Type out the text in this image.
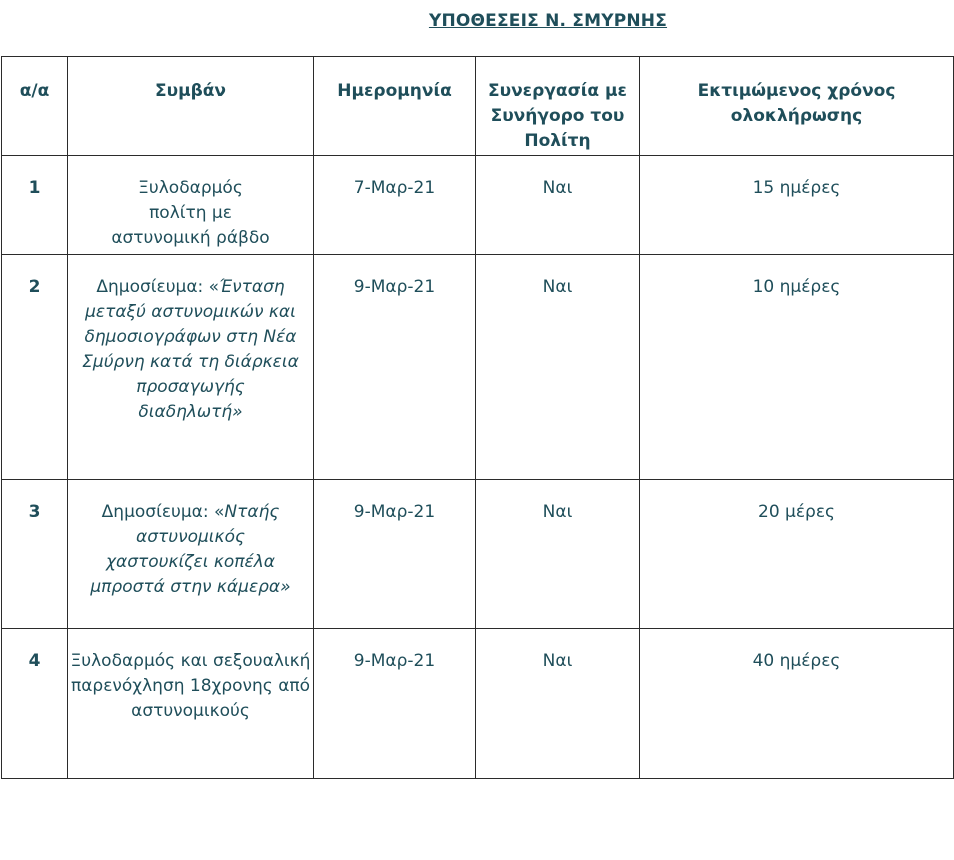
ΥΠΟΘΕΣΕΙΣ Ν. ΣΜΥΡΝΗΣ
α/α	Συμβάν	Ημερομηνία	Συνεργασία με Συνήγορο του Πολίτη	Εκτιμώμενος χρόνος ολοκλήρωσης
1	Ξυλοδαρμός πολίτη με αστυνομική ράβδο	7-Μαρ-21	Ναι	15 ημέρες
2	Δημοσίευμα: «Ένταση μεταξύ αστυνομικών και δημοσιογράφων στη Νέα Σμύρνη κατά τη διάρκεια προσαγωγής διαδηλωτή»	9-Μαρ-21	Ναι	10 ημέρες
3	Δημοσίευμα: «Νταής αστυνομικός χαστουκίζει κοπέλα μπροστά στην κάμερα»	9-Μαρ-21	Ναι	20 μέρες
4	Ξυλοδαρμός και σεξουαλική παρενόχληση 18χρονης από αστυνομικούς	9-Μαρ-21	Ναι	40 ημέρες
